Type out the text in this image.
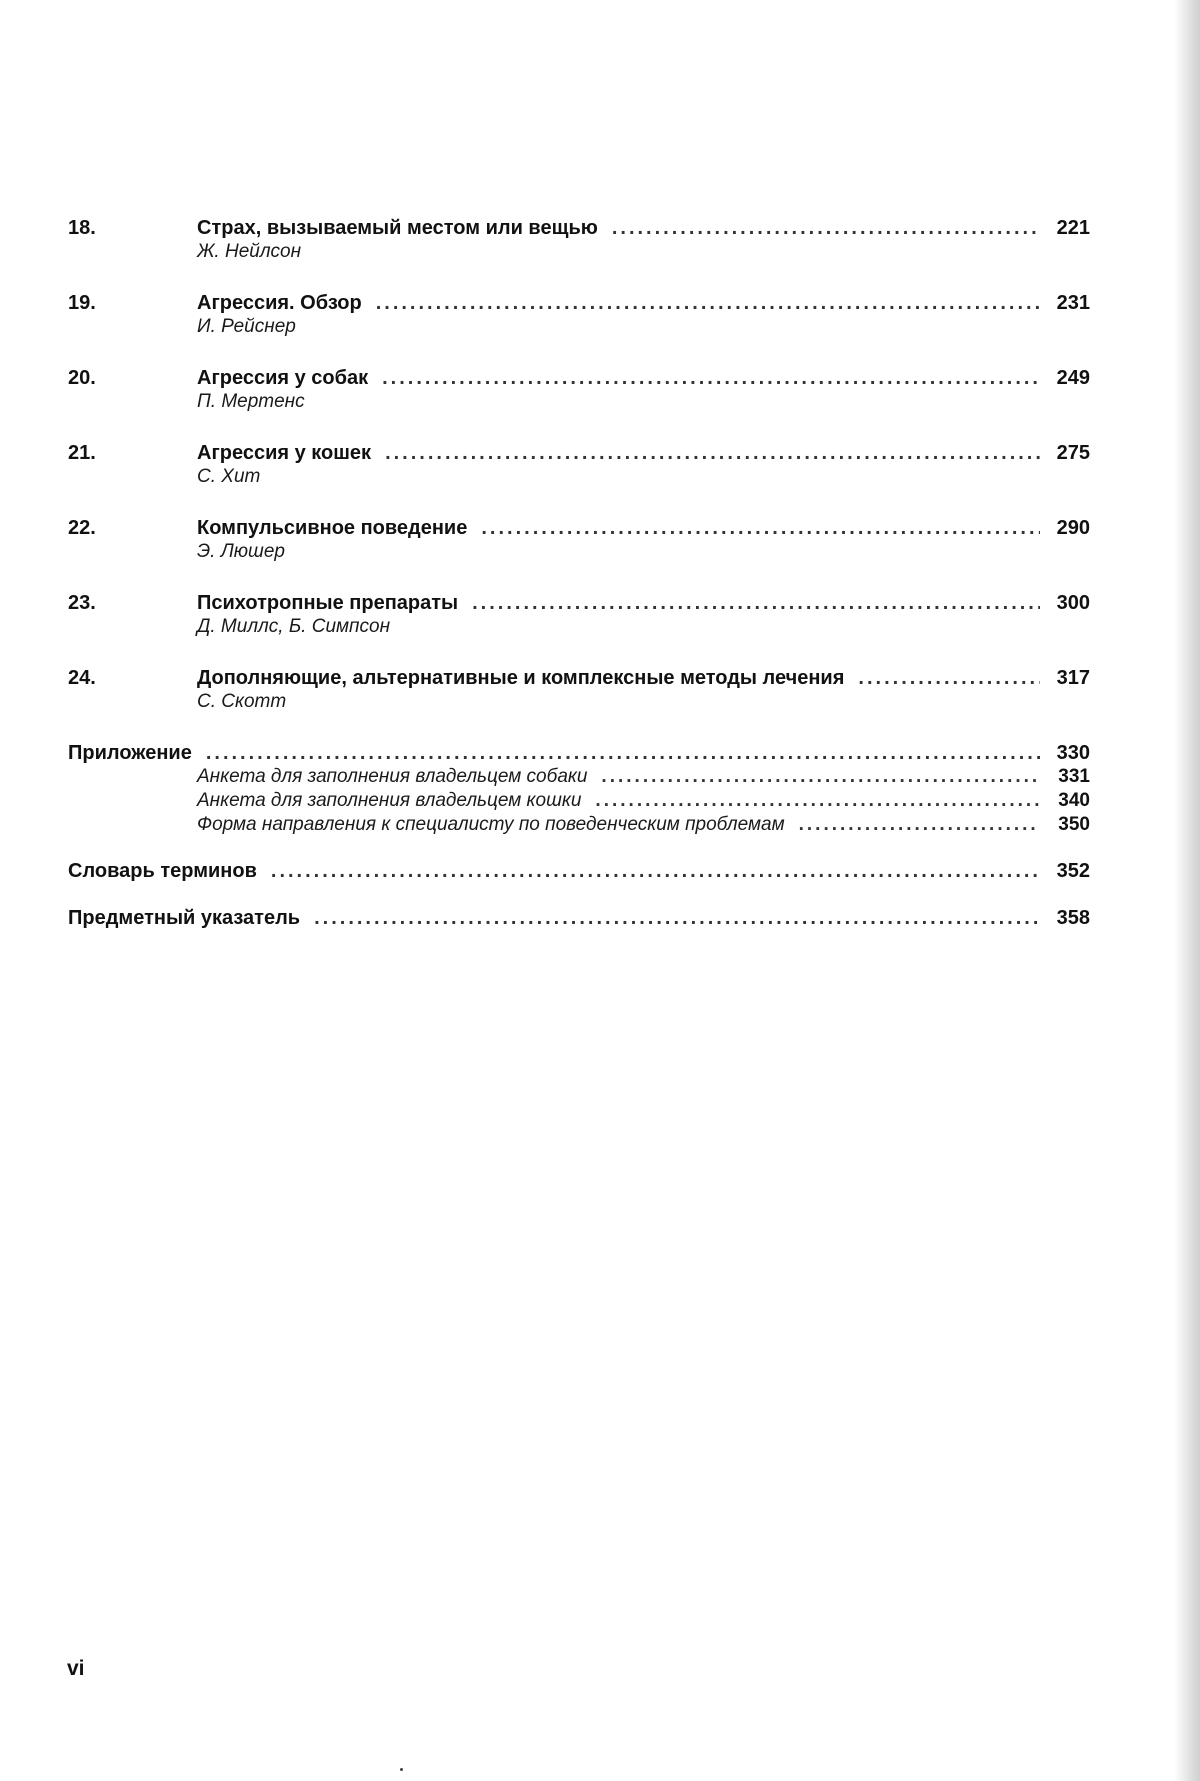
18.	Страх, вызываемый местом или вещью .....	221
Ж. Нейлсон
19.	Агрессия. Обзор .....	231
И. Рейснер
20.	Агрессия у собак .....	249
П. Мертенс
21.	Агрессия у кошек .....	275
С. Хит
22.	Компульсивное поведение .....	290
Э. Люшер
23.	Психотропные препараты .....	300
Д. Миллс, Б. Симпсон
24.	Дополняющие, альтернативные и комплексные методы лечения .....	317
С. Скотт
Приложение .....	330
Анкета для заполнения владельцем собаки .....	331
Анкета для заполнения владельцем кошки .....	340
Форма направления к специалисту по поведенческим проблемам .....	350
Словарь терминов .....	352
Предметный указатель .....	358
vi
